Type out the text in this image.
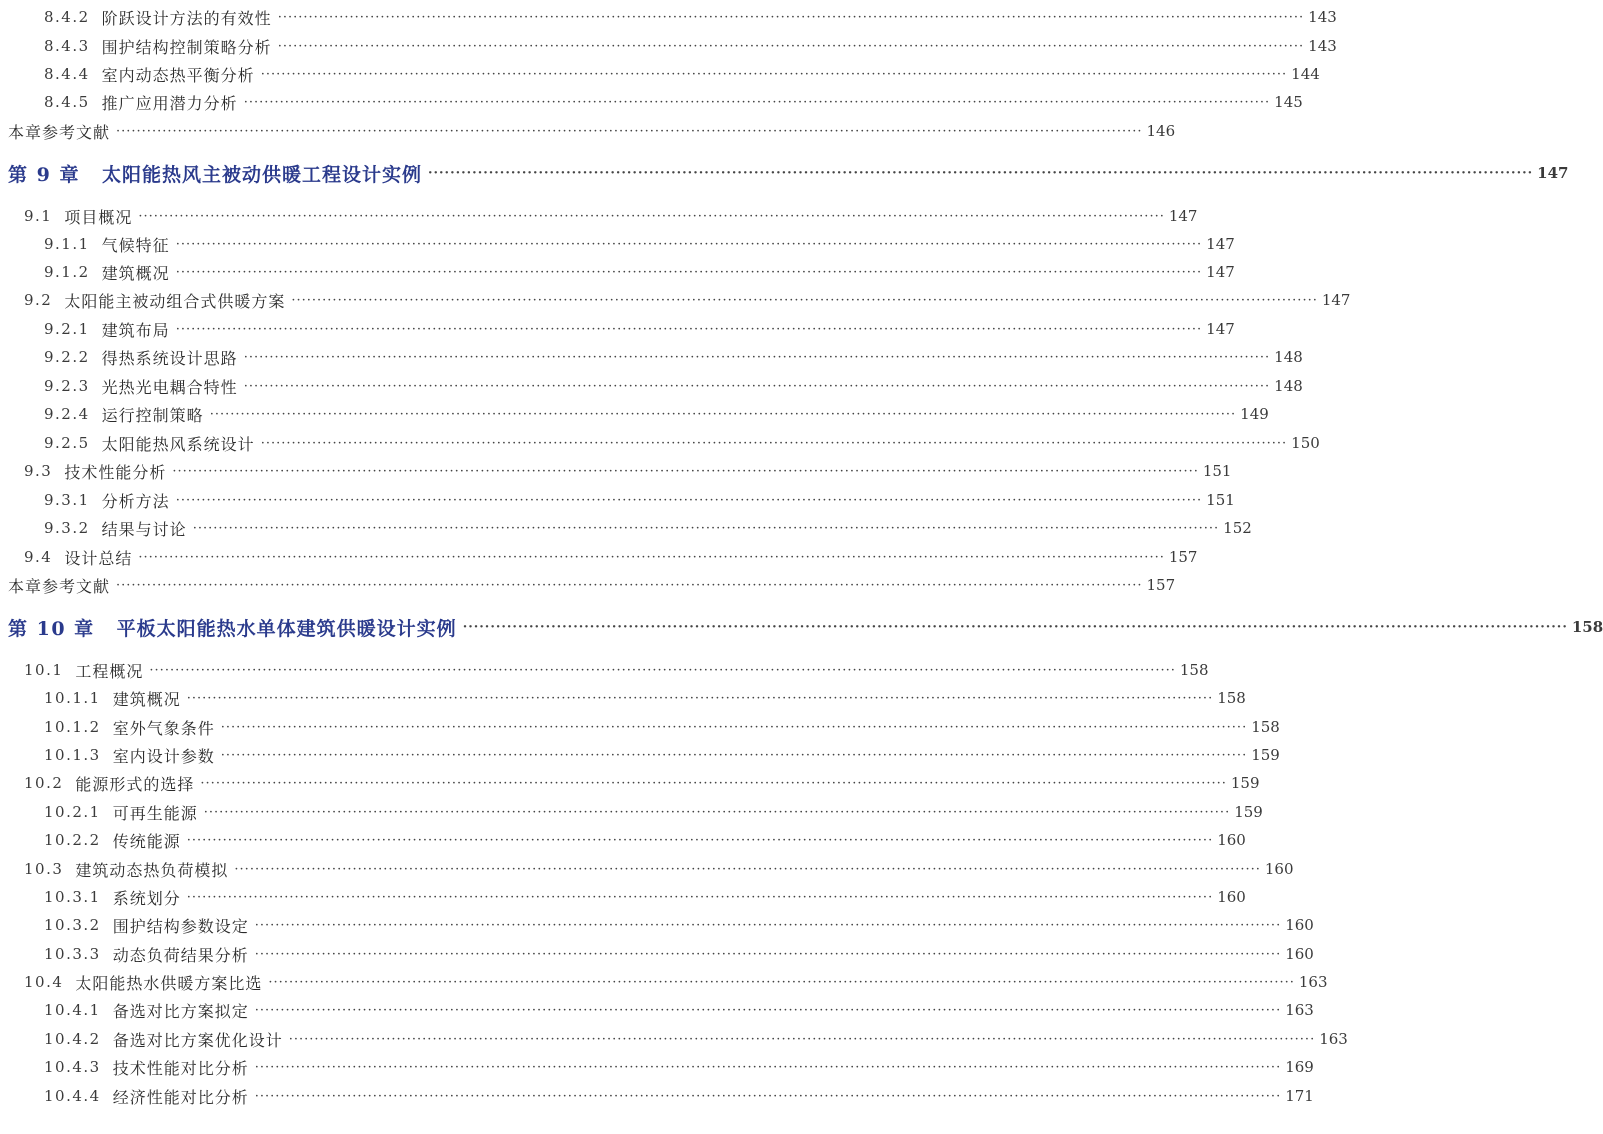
8.4.2 阶跃设计方法的有效性 ········································································································································································································ 143
8.4.3 围护结构控制策略分析 ········································································································································································································ 143
8.4.4 室内动态热平衡分析 ········································································································································································································ 144
8.4.5 推广应用潜力分析 ········································································································································································································ 145
本章参考文献 ········································································································································································································ 146
第 9 章 太阳能热风主被动供暖工程设计实例 ········································································································································································································ 147
9.1 项目概况 ········································································································································································································ 147
9.1.1 气候特征 ········································································································································································································ 147
9.1.2 建筑概况 ········································································································································································································ 147
9.2 太阳能主被动组合式供暖方案 ········································································································································································································ 147
9.2.1 建筑布局 ········································································································································································································ 147
9.2.2 得热系统设计思路 ········································································································································································································ 148
9.2.3 光热光电耦合特性 ········································································································································································································ 148
9.2.4 运行控制策略 ········································································································································································································ 149
9.2.5 太阳能热风系统设计 ········································································································································································································ 150
9.3 技术性能分析 ········································································································································································································ 151
9.3.1 分析方法 ········································································································································································································ 151
9.3.2 结果与讨论 ········································································································································································································ 152
9.4 设计总结 ········································································································································································································ 157
本章参考文献 ········································································································································································································ 157
第 10 章 平板太阳能热水单体建筑供暖设计实例 ········································································································································································································ 158
10.1 工程概况 ········································································································································································································ 158
10.1.1 建筑概况 ········································································································································································································ 158
10.1.2 室外气象条件 ········································································································································································································ 158
10.1.3 室内设计参数 ········································································································································································································ 159
10.2 能源形式的选择 ········································································································································································································ 159
10.2.1 可再生能源 ········································································································································································································ 159
10.2.2 传统能源 ········································································································································································································ 160
10.3 建筑动态热负荷模拟 ········································································································································································································ 160
10.3.1 系统划分 ········································································································································································································ 160
10.3.2 围护结构参数设定 ········································································································································································································ 160
10.3.3 动态负荷结果分析 ········································································································································································································ 160
10.4 太阳能热水供暖方案比选 ········································································································································································································ 163
10.4.1 备选对比方案拟定 ········································································································································································································ 163
10.4.2 备选对比方案优化设计 ········································································································································································································ 163
10.4.3 技术性能对比分析 ········································································································································································································ 169
10.4.4 经济性能对比分析 ········································································································································································································ 171
